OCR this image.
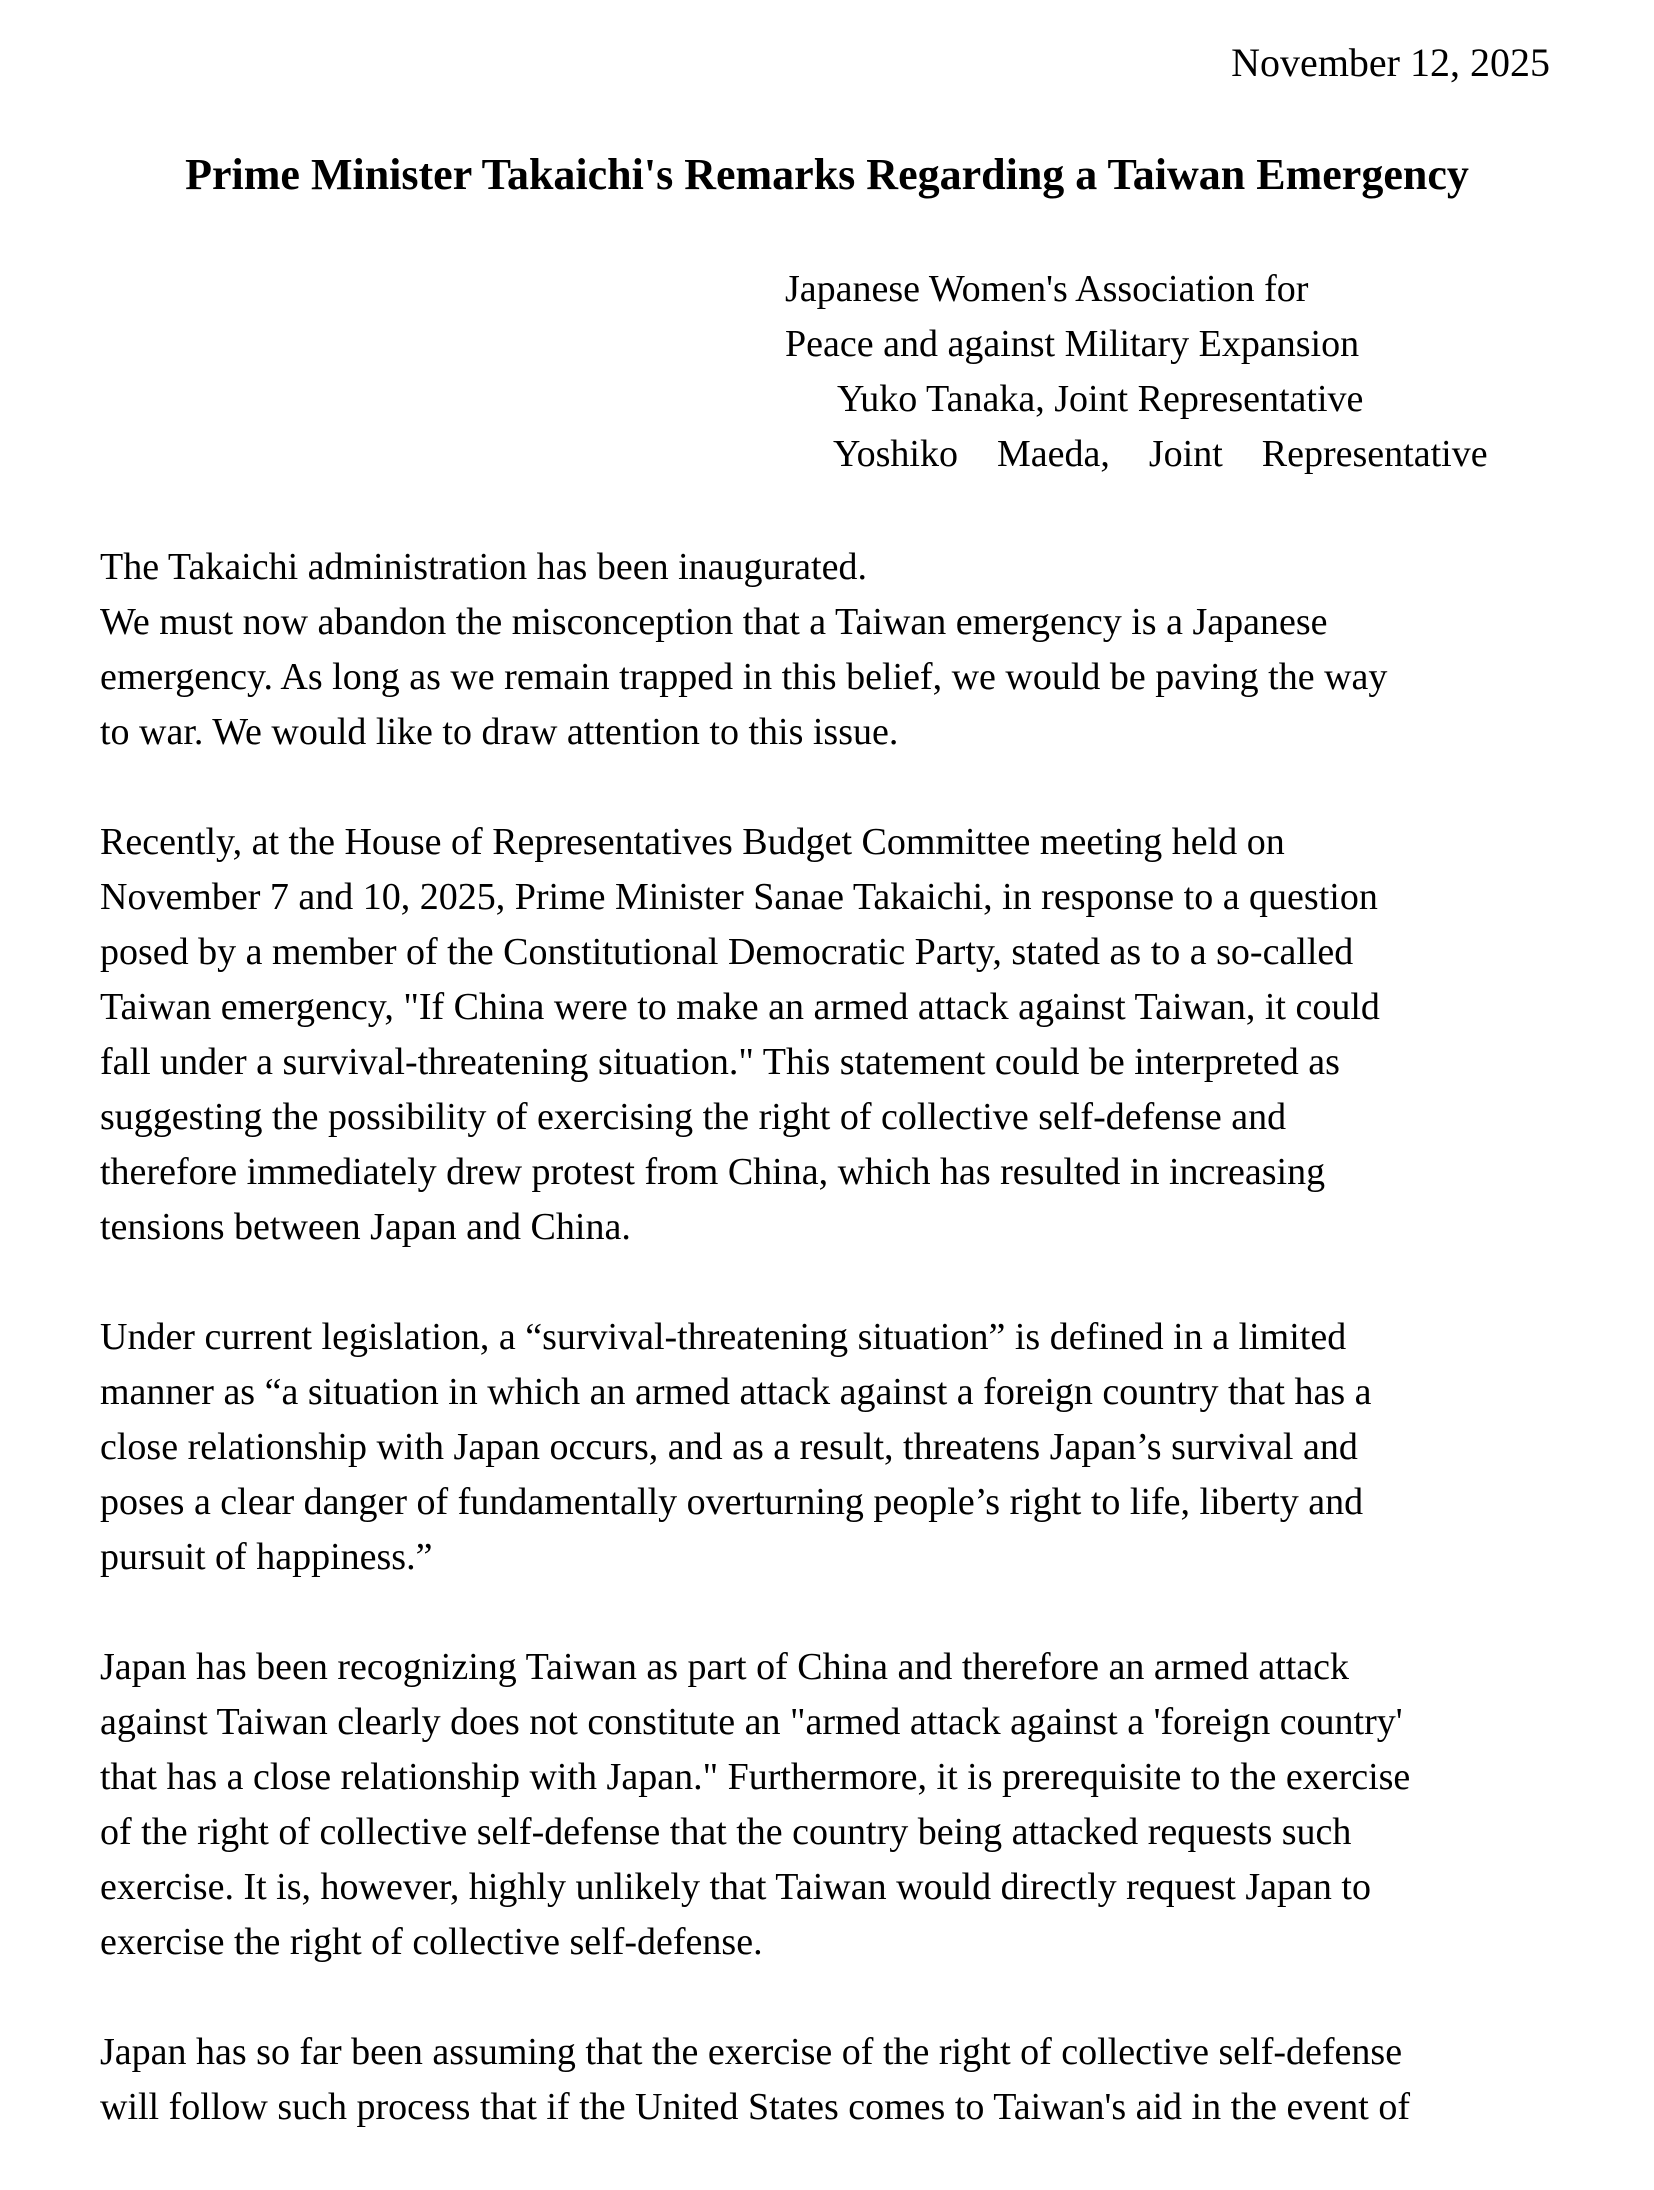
November 12, 2025
Prime Minister Takaichi's Remarks Regarding a Taiwan Emergency
Japanese Women's Association for
Peace and against Military Expansion
Yuko Tanaka, Joint Representative
Yoshiko  Maeda,  Joint  Representative
The Takaichi administration has been inaugurated.
We must now abandon the misconception that a Taiwan emergency is a Japanese
emergency. As long as we remain trapped in this belief, we would be paving the way
to war. We would like to draw attention to this issue.
Recently, at the House of Representatives Budget Committee meeting held on
November 7 and 10, 2025, Prime Minister Sanae Takaichi, in response to a question
posed by a member of the Constitutional Democratic Party, stated as to a so-called
Taiwan emergency, "If China were to make an armed attack against Taiwan, it could
fall under a survival-threatening situation." This statement could be interpreted as
suggesting the possibility of exercising the right of collective self-defense and
therefore immediately drew protest from China, which has resulted in increasing
tensions between Japan and China.
Under current legislation, a “survival-threatening situation” is defined in a limited
manner as “a situation in which an armed attack against a foreign country that has a
close relationship with Japan occurs, and as a result, threatens Japan’s survival and
poses a clear danger of fundamentally overturning people’s right to life, liberty and
pursuit of happiness.”
Japan has been recognizing Taiwan as part of China and therefore an armed attack
against Taiwan clearly does not constitute an "armed attack against a 'foreign country'
that has a close relationship with Japan." Furthermore, it is prerequisite to the exercise
of the right of collective self-defense that the country being attacked requests such
exercise. It is, however, highly unlikely that Taiwan would directly request Japan to
exercise the right of collective self-defense.
Japan has so far been assuming that the exercise of the right of collective self-defense
will follow such process that if the United States comes to Taiwan's aid in the event of
